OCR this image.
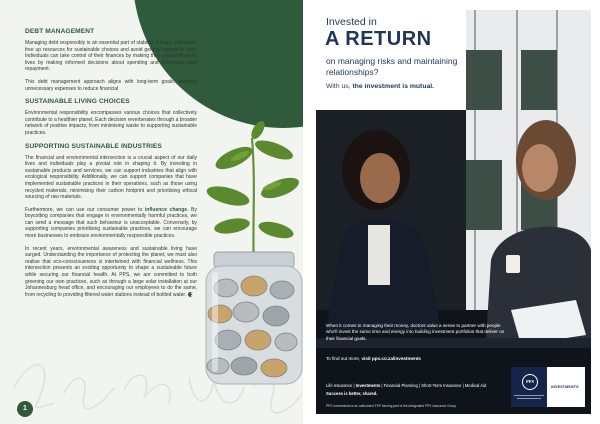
DEBT MANAGEMENT

Managing debt responsibly is an essential part of stability. It helps individuals free up resources for sustainable choices and avoid getting trapped in debt. Individuals can take control of their finances by making their overall financial lives by making informed decisions about spending and prioritising debt repayment.

This debt management approach aligns with long-term goals, avoiding unnecessary expenses to reduce financial

SUSTAINABLE LIVING CHOICES

Environmental responsibility encompasses various choices that collectively contribute to a healthier planet. Each decision reverberates through a broader network of positive impacts, from minimising waste to supporting sustainable practices.

SUPPORTING SUSTAINABLE INDUSTRIES

The financial and environmental intersection is a crucial aspect of our daily lives and individuals play a pivotal role in shaping it. By investing in sustainable products and services, we can support industries that align with ecological responsibility. Additionally, we can support companies that have implemented sustainable practices in their operations, such as those using recycled materials, minimising their carbon footprint and prioritising ethical sourcing of raw materials.

Furthermore, we can use our consumer power to influence change. By boycotting companies that engage in environmentally harmful practices, we can send a message that such behaviour is unacceptable. Conversely, by supporting companies prioritising sustainable practices, we can encourage more businesses to embrace environmentally responsible practices.

In recent years, environmental awareness and sustainable living have surged. Understanding the importance of protecting the planet, we must also realise that eco-consciousness is intertwined with financial wellness. This intersection presents an exciting opportunity to shape a sustainable future while securing our financial health. At PPS, we are committed to both greening our own practices, such as through a large solar installation at our Johannesburg head office, and encouraging our employees to do the same, from recycling to providing filtered water stations instead of bottled water.

1
Invested in
A RETURN
on managing risks and maintaining relationships?
With us, the investment is mutual.
When it comes to managing their money, doctors value a sense to partner with people who'll invest the same time and energy into building investment portfolios that deliver on their financial goals.
To find out more, visit pps.co.za/investments
Life Insurance | Investments | Financial Planning | Short-Term Insurance | Medical Aid
Success is better, shared.
PPS Investments is an authorised FSP forming part of the designated PPS Insurance Group.
PPS
INVESTMENTS
